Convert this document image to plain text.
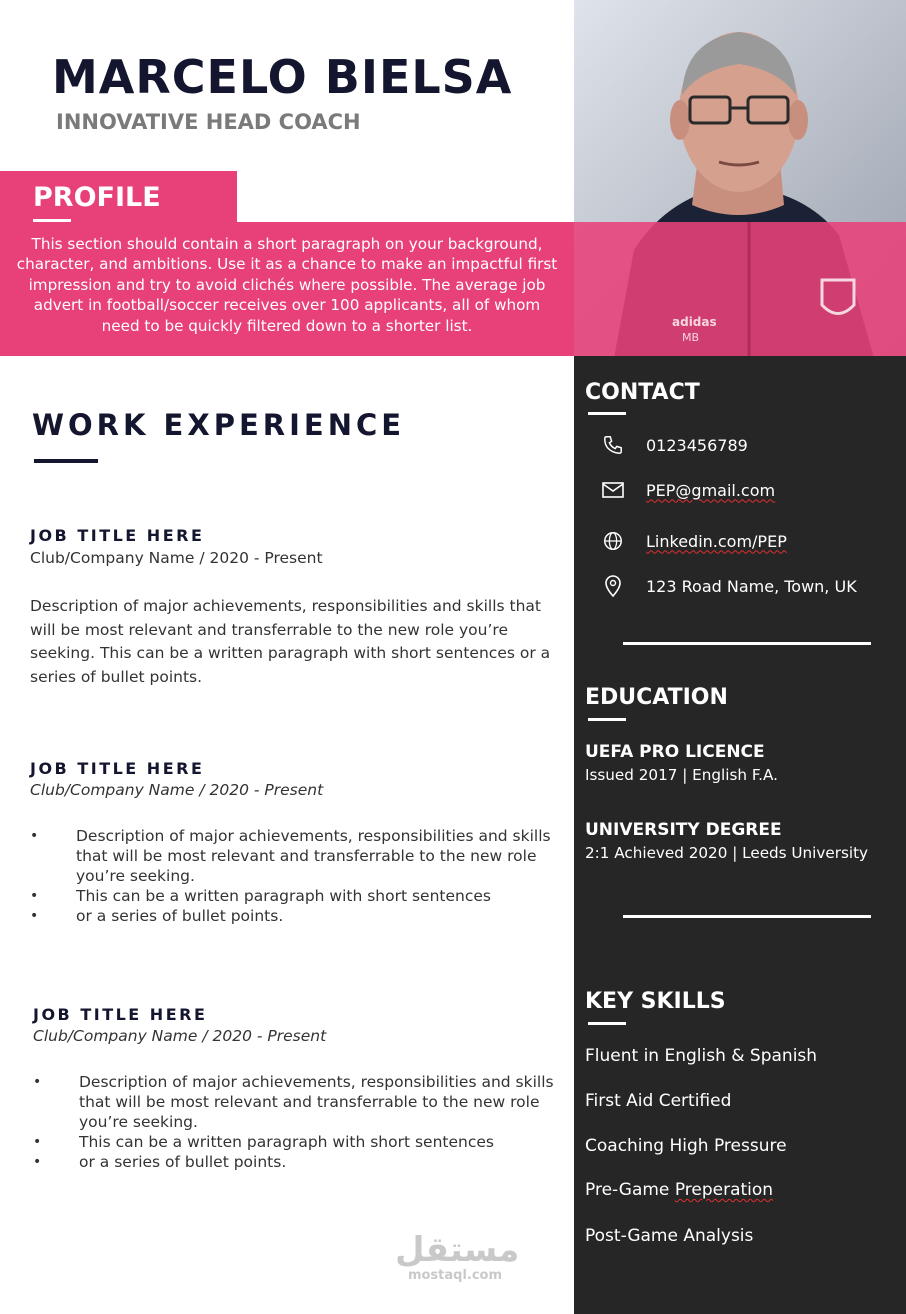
MARCELO BIELSA
INNOVATIVE HEAD COACH
PROFILE
This section should contain a short paragraph on your background, character, and ambitions. Use it as a chance to make an impactful first impression and try to avoid clichés where possible. The average job advert in football/soccer receives over 100 applicants, all of whom need to be quickly filtered down to a shorter list.	adidas
MB
CONTACT
0123456789
PEP@gmail.com
Linkedin.com/PEP
123 Road Name, Town, UK
EDUCATION
UEFA PRO LICENCE
Issued 2017 | English F.A.
UNIVERSITY DEGREE
2:1 Achieved 2020 | Leeds University
KEY SKILLS
Fluent in English & Spanish
First Aid Certified
Coaching High Pressure
Pre-Game Preperation
Post-Game Analysis
WORK EXPERIENCE
JOB TITLE HERE
Club/Company Name / 2020 - Present
Description of major achievements, responsibilities and skills that will be most relevant and transferrable to the new role you’re seeking. This can be a written paragraph with short sentences or a series of bullet points.
JOB TITLE HERE
Club/Company Name / 2020 - Present
• Description of major achievements, responsibilities and skills that will be most relevant and transferrable to the new role you’re seeking.
• This can be a written paragraph with short sentences
• or a series of bullet points.
JOB TITLE HERE
Club/Company Name / 2020 - Present
• Description of major achievements, responsibilities and skills that will be most relevant and transferrable to the new role you’re seeking.
• This can be a written paragraph with short sentences
• or a series of bullet points.
مستقل
mostaql.com
